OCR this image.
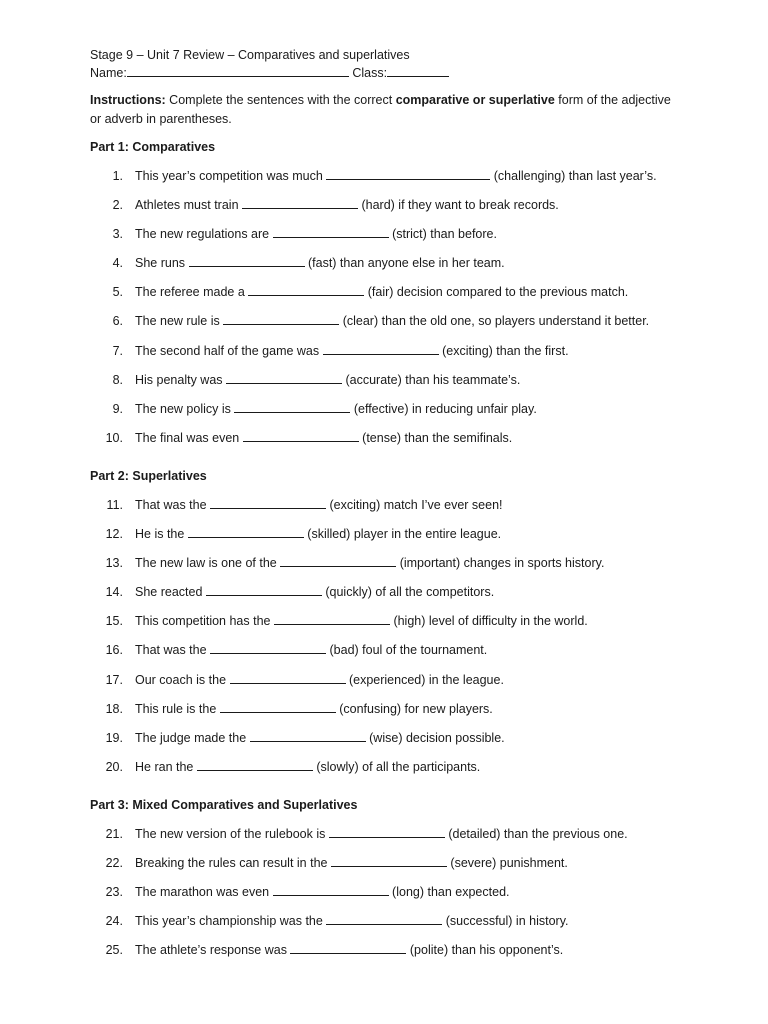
Stage 9 – Unit 7 Review – Comparatives and superlatives
Name:	Class:
Instructions: Complete the sentences with the correct comparative or superlative form of the adjective or adverb in parentheses.
Part 1: Comparatives
1. This year’s competition was much	(challenging) than last year’s.
2. Athletes must train	(hard) if they want to break records.
3. The new regulations are	(strict) than before.
4. She runs	(fast) than anyone else in her team.
5. The referee made a	(fair) decision compared to the previous match.
6. The new rule is	(clear) than the old one, so players understand it better.
7. The second half of the game was	(exciting) than the first.
8. His penalty was	(accurate) than his teammate’s.
9. The new policy is	(effective) in reducing unfair play.
10. The final was even	(tense) than the semifinals.
Part 2: Superlatives
11. That was the	(exciting) match I’ve ever seen!
12. He is the	(skilled) player in the entire league.
13. The new law is one of the	(important) changes in sports history.
14. She reacted	(quickly) of all the competitors.
15. This competition has the	(high) level of difficulty in the world.
16. That was the	(bad) foul of the tournament.
17. Our coach is the	(experienced) in the league.
18. This rule is the	(confusing) for new players.
19. The judge made the	(wise) decision possible.
20. He ran the	(slowly) of all the participants.
Part 3: Mixed Comparatives and Superlatives
21. The new version of the rulebook is	(detailed) than the previous one.
22. Breaking the rules can result in the	(severe) punishment.
23. The marathon was even	(long) than expected.
24. This year’s championship was the	(successful) in history.
25. The athlete’s response was	(polite) than his opponent’s.
